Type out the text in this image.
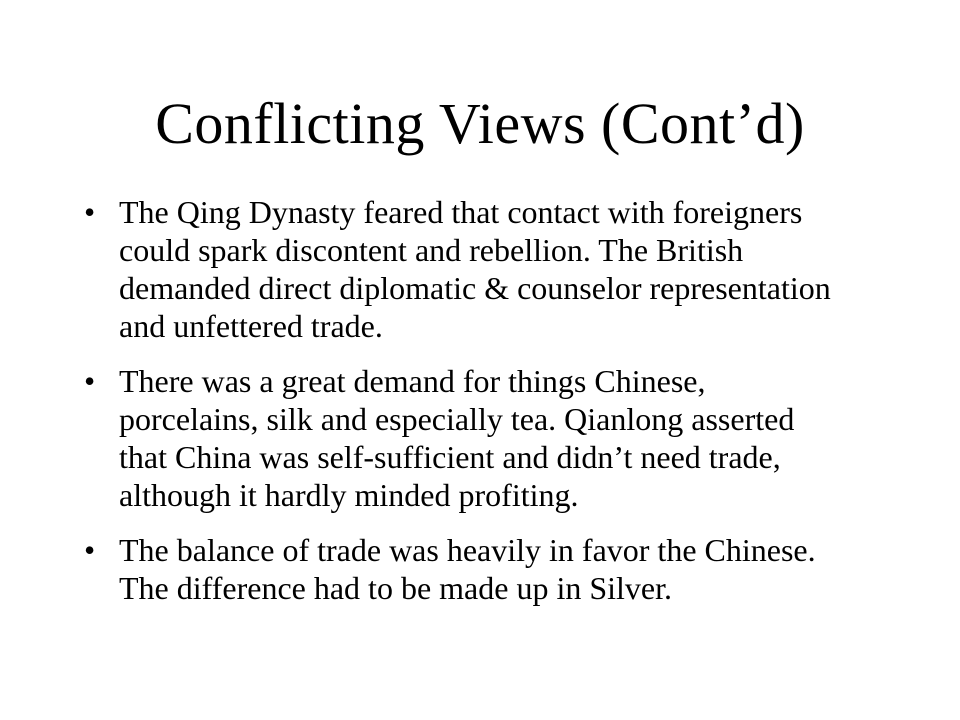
Conflicting Views (Cont’d)
• The Qing Dynasty feared that contact with foreigners could spark discontent and rebellion. The British demanded direct diplomatic & counselor representation and unfettered trade.
• There was a great demand for things Chinese, porcelains, silk and especially tea. Qianlong asserted that China was self-sufficient and didn’t need trade, although it hardly minded profiting.
• The balance of trade was heavily in favor the Chinese. The difference had to be made up in Silver.
